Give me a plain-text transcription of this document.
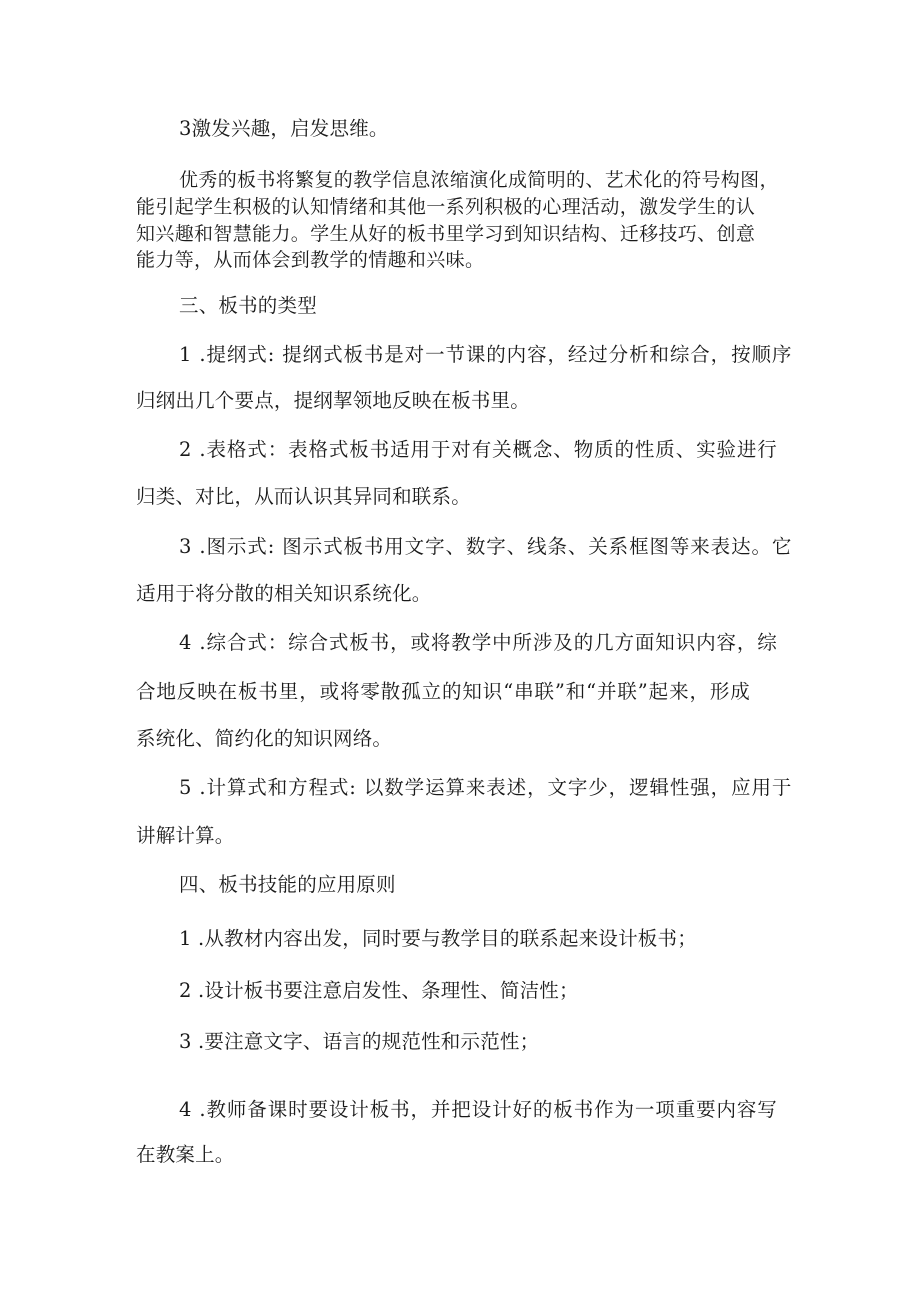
3激发兴趣，启发思维。
优秀的板书将繁复的教学信息浓缩演化成简明的、艺术化的符号构图，
能引起学生积极的认知情绪和其他一系列积极的心理活动，激发学生的认
知兴趣和智慧能力。学生从好的板书里学习到知识结构、迁移技巧、创意
能力等，从而体会到教学的情趣和兴味。
三、板书的类型
1 .提纲式: 提纲式板书是对一节课的内容，经过分析和综合，按顺序
归纲出几个要点，提纲挈领地反映在板书里。
2 .表格式：表格式板书适用于对有关概念、物质的性质、实验进行
归类、对比，从而认识其异同和联系。
3 .图示式: 图示式板书用文字、数字、线条、关系框图等来表达。它
适用于将分散的相关知识系统化。
4 .综合式：综合式板书，或将教学中所涉及的几方面知识内容，综
合地反映在板书里，或将零散孤立的知识“串联”和“并联”起来，形成
系统化、简约化的知识网络。
5 .计算式和方程式: 以数学运算来表述，文字少，逻辑性强，应用于
讲解计算。
四、板书技能的应用原则
1 .从教材内容出发，同时要与教学目的联系起来设计板书；
2 .设计板书要注意启发性、条理性、简洁性；
3 .要注意文字、语言的规范性和示范性；
4 .教师备课时要设计板书，并把设计好的板书作为一项重要内容写
在教案上。
